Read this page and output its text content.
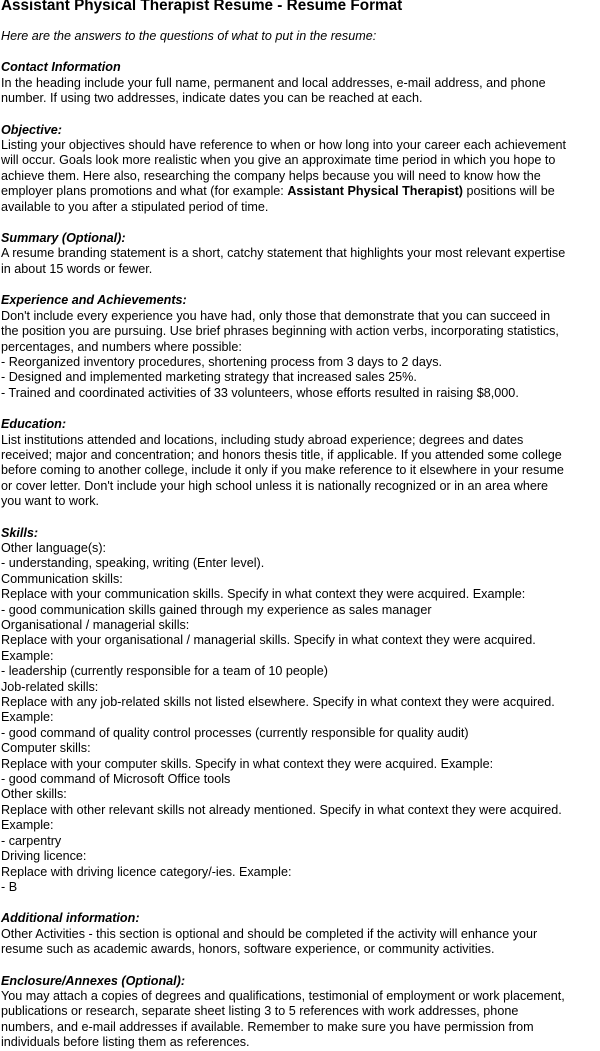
Assistant Physical Therapist Resume - Resume Format
Here are the answers to the questions of what to put in the resume:
Contact Information
In the heading include your full name, permanent and local addresses, e-mail address, and phone
number. If using two addresses, indicate dates you can be reached at each.
Objective:
Listing your objectives should have reference to when or how long into your career each achievement
will occur. Goals look more realistic when you give an approximate time period in which you hope to
achieve them. Here also, researching the company helps because you will need to know how the
employer plans promotions and what (for example: Assistant Physical Therapist) positions will be
available to you after a stipulated period of time.
Summary (Optional):
A resume branding statement is a short, catchy statement that highlights your most relevant expertise
in about 15 words or fewer.
Experience and Achievements:
Don't include every experience you have had, only those that demonstrate that you can succeed in
the position you are pursuing. Use brief phrases beginning with action verbs, incorporating statistics,
percentages, and numbers where possible:
- Reorganized inventory procedures, shortening process from 3 days to 2 days.
- Designed and implemented marketing strategy that increased sales 25%.
- Trained and coordinated activities of 33 volunteers, whose efforts resulted in raising $8,000.
Education:
List institutions attended and locations, including study abroad experience; degrees and dates
received; major and concentration; and honors thesis title, if applicable. If you attended some college
before coming to another college, include it only if you make reference to it elsewhere in your resume
or cover letter. Don't include your high school unless it is nationally recognized or in an area where
you want to work.
Skills:
Other language(s):
- understanding, speaking, writing (Enter level).
Communication skills:
Replace with your communication skills. Specify in what context they were acquired. Example:
- good communication skills gained through my experience as sales manager
Organisational / managerial skills:
Replace with your organisational / managerial skills. Specify in what context they were acquired.
Example:
- leadership (currently responsible for a team of 10 people)
Job-related skills:
Replace with any job-related skills not listed elsewhere. Specify in what context they were acquired.
Example:
- good command of quality control processes (currently responsible for quality audit)
Computer skills:
Replace with your computer skills. Specify in what context they were acquired. Example:
- good command of Microsoft Office tools
Other skills:
Replace with other relevant skills not already mentioned. Specify in what context they were acquired.
Example:
- carpentry
Driving licence:
Replace with driving licence category/-ies. Example:
- B
Additional information:
Other Activities - this section is optional and should be completed if the activity will enhance your
resume such as academic awards, honors, software experience, or community activities.
Enclosure/Annexes (Optional):
You may attach a copies of degrees and qualifications, testimonial of employment or work placement,
publications or research, separate sheet listing 3 to 5 references with work addresses, phone
numbers, and e-mail addresses if available. Remember to make sure you have permission from
individuals before listing them as references.
